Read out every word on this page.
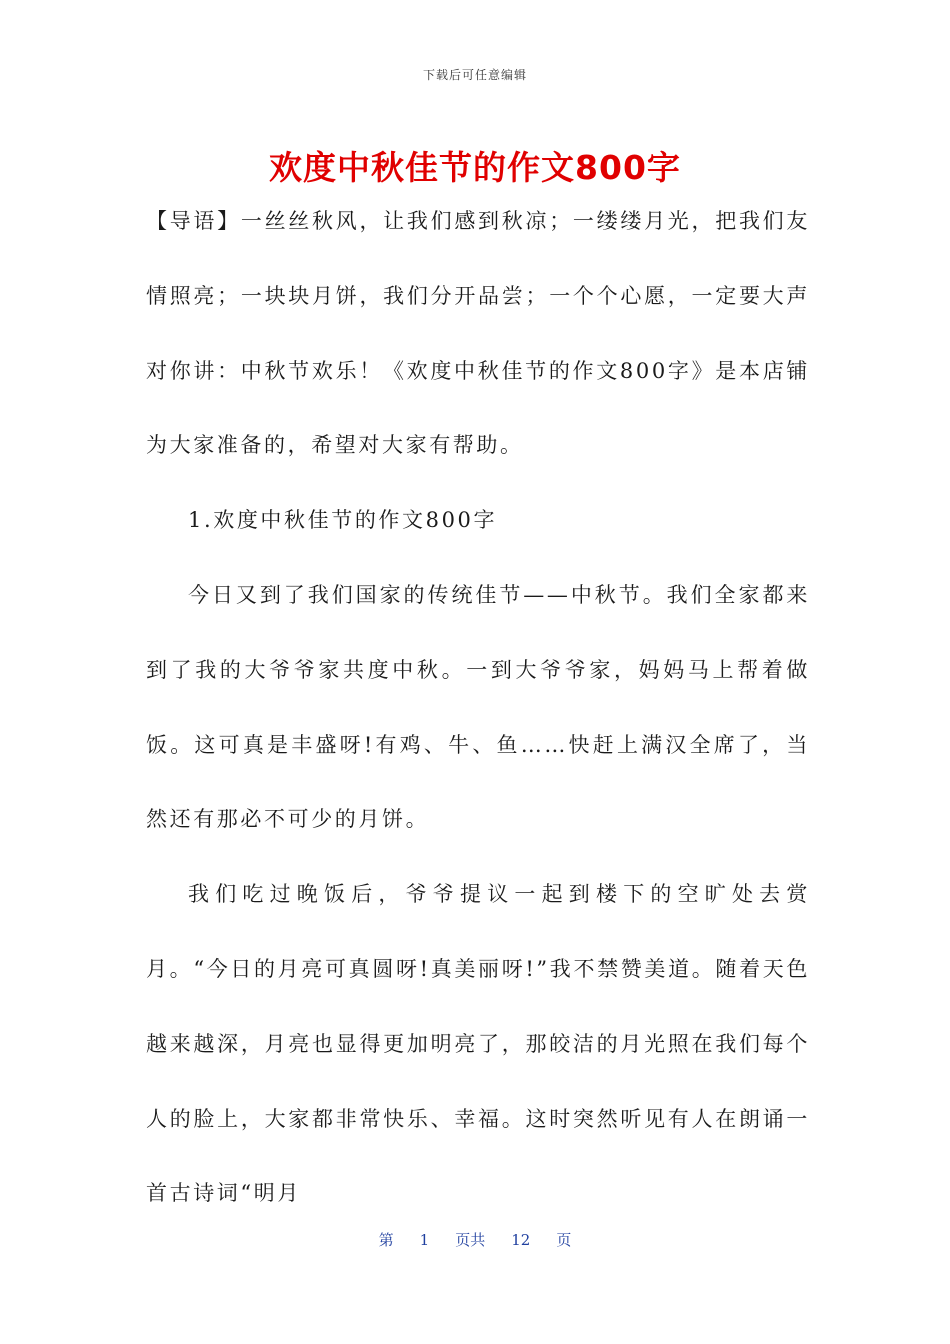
下载后可任意编辑
欢度中秋佳节的作文800字

【导语】一丝丝秋风，让我们感到秋凉；一缕缕月光，把我们友情照亮；一块块月饼，我们分开品尝；一个个心愿，一定要大声对你讲：中秋节欢乐！《欢度中秋佳节的作文800字》是本店铺为大家准备的，希望对大家有帮助。

1.欢度中秋佳节的作文800字

今日又到了我们国家的传统佳节——中秋节。我们全家都来到了我的大爷爷家共度中秋。一到大爷爷家，妈妈马上帮着做饭。这可真是丰盛呀!有鸡、牛、鱼……快赶上满汉全席了，当然还有那必不可少的月饼。

我们吃过晚饭后，爷爷提议一起到楼下的空旷处去赏月。“今日的月亮可真圆呀!真美丽呀!”我不禁赞美道。随着天色越来越深，月亮也显得更加明亮了，那皎洁的月光照在我们每个人的脸上，大家都非常快乐、幸福。这时突然听见有人在朗诵一首古诗词“明月

第 1 页共 12 页
